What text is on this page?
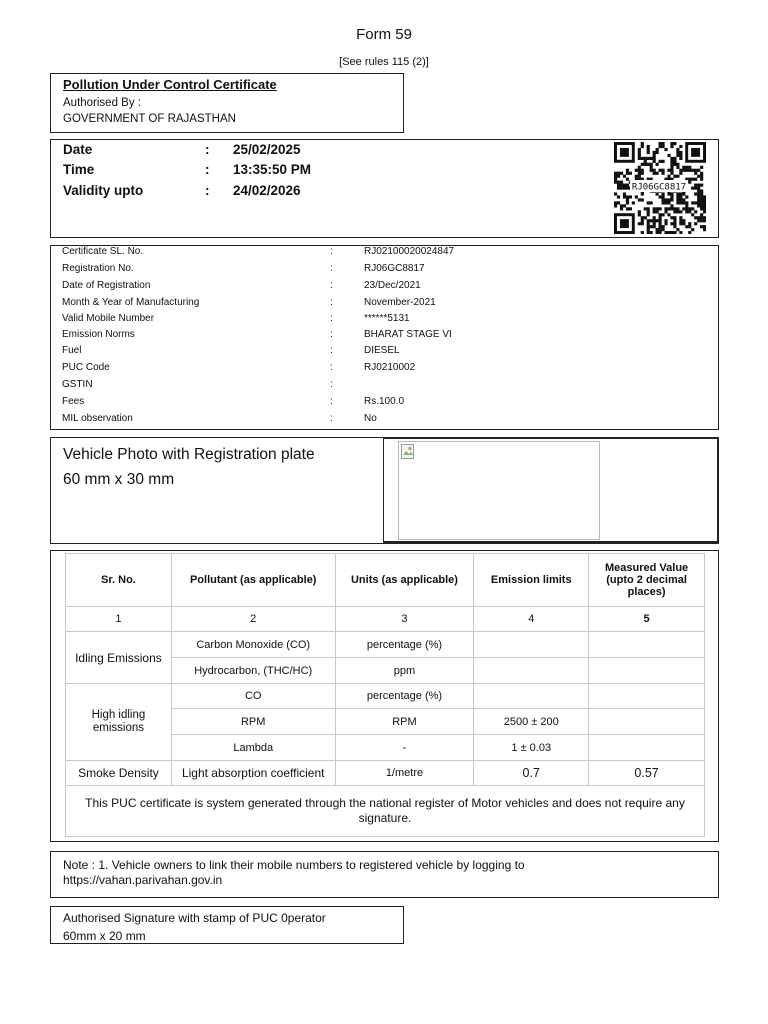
Form 59
[See rules 115 (2)]
Pollution Under Control Certificate
Authorised By :
GOVERNMENT OF RAJASTHAN
Date	: 25/02/2025
Time	: 13:35:50 PM
Validity upto	: 24/02/2026	RJ06GC8817
Certificate SL. No.	:	RJ02100020024847
Registration No.	:	RJ06GC8817
Date of Registration	:	23/Dec/2021
Month & Year of Manufacturing	:	November-2021
Valid Mobile Number	:	******5131
Emission Norms	:	BHARAT STAGE VI
Fuel	:	DIESEL
PUC Code	:	RJ0210002
GSTIN	:
Fees	:	Rs.100.0
MIL observation	:	No
Vehicle Photo with Registration plate
60 mm x 30 mm
Sr. No.	Pollutant (as applicable)	Units (as applicable)	Emission limits	Measured Value (upto 2 decimal places)
1	2	3	4	5
Idling Emissions	Carbon Monoxide (CO)	percentage (%)		
	Hydrocarbon, (THC/HC)	ppm		
High idling emissions	CO	percentage (%)		
	RPM	RPM	2500 ± 200	
	Lambda	-	1 ± 0.03	
Smoke Density	Light absorption coefficient	1/metre	0.7	0.57
This PUC certificate is system generated through the national register of Motor vehicles and does not require any signature.				
Note : 1. Vehicle owners to link their mobile numbers to registered vehicle by logging to
https://vahan.parivahan.gov.in
Authorised Signature with stamp of PUC 0perator
60mm x 20 mm
